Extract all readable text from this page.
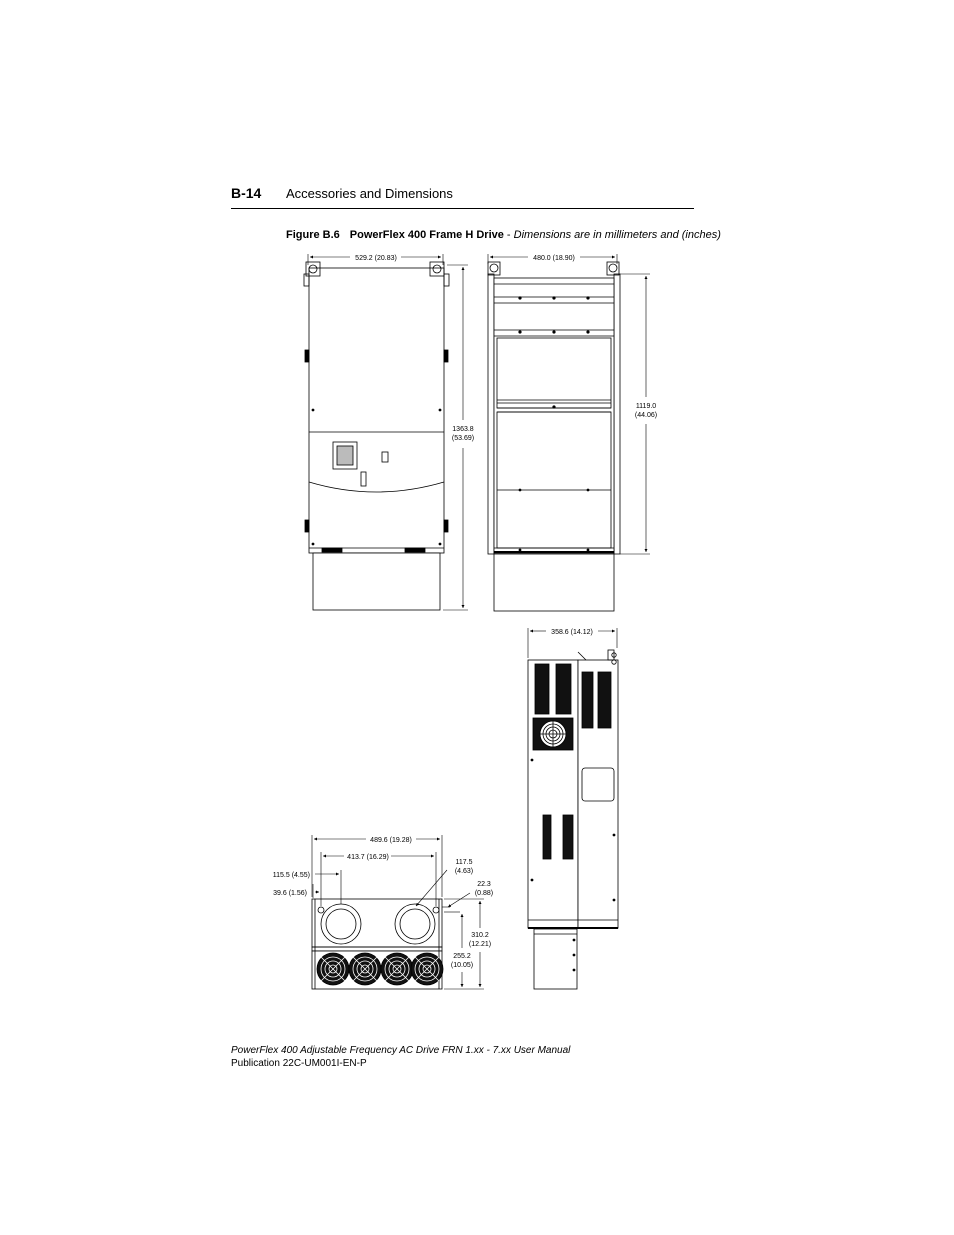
B-14 Accessories and Dimensions
Figure B.6 PowerFlex 400 Frame H Drive - Dimensions are in millimeters and (inches)
529.2 (20.83)
1363.8
(53.69)
480.0 (18.90)
1119.0
(44.06)
358.6 (14.12)
489.6 (19.28)
413.7 (16.29)
115.5 (4.55)
39.6 (1.56)
117.5
(4.63)
22.3
(0.88)
310.2
(12.21)
255.2
(10.05)
PowerFlex 400 Adjustable Frequency AC Drive FRN 1.xx - 7.xx User Manual
Publication 22C-UM001I-EN-P
